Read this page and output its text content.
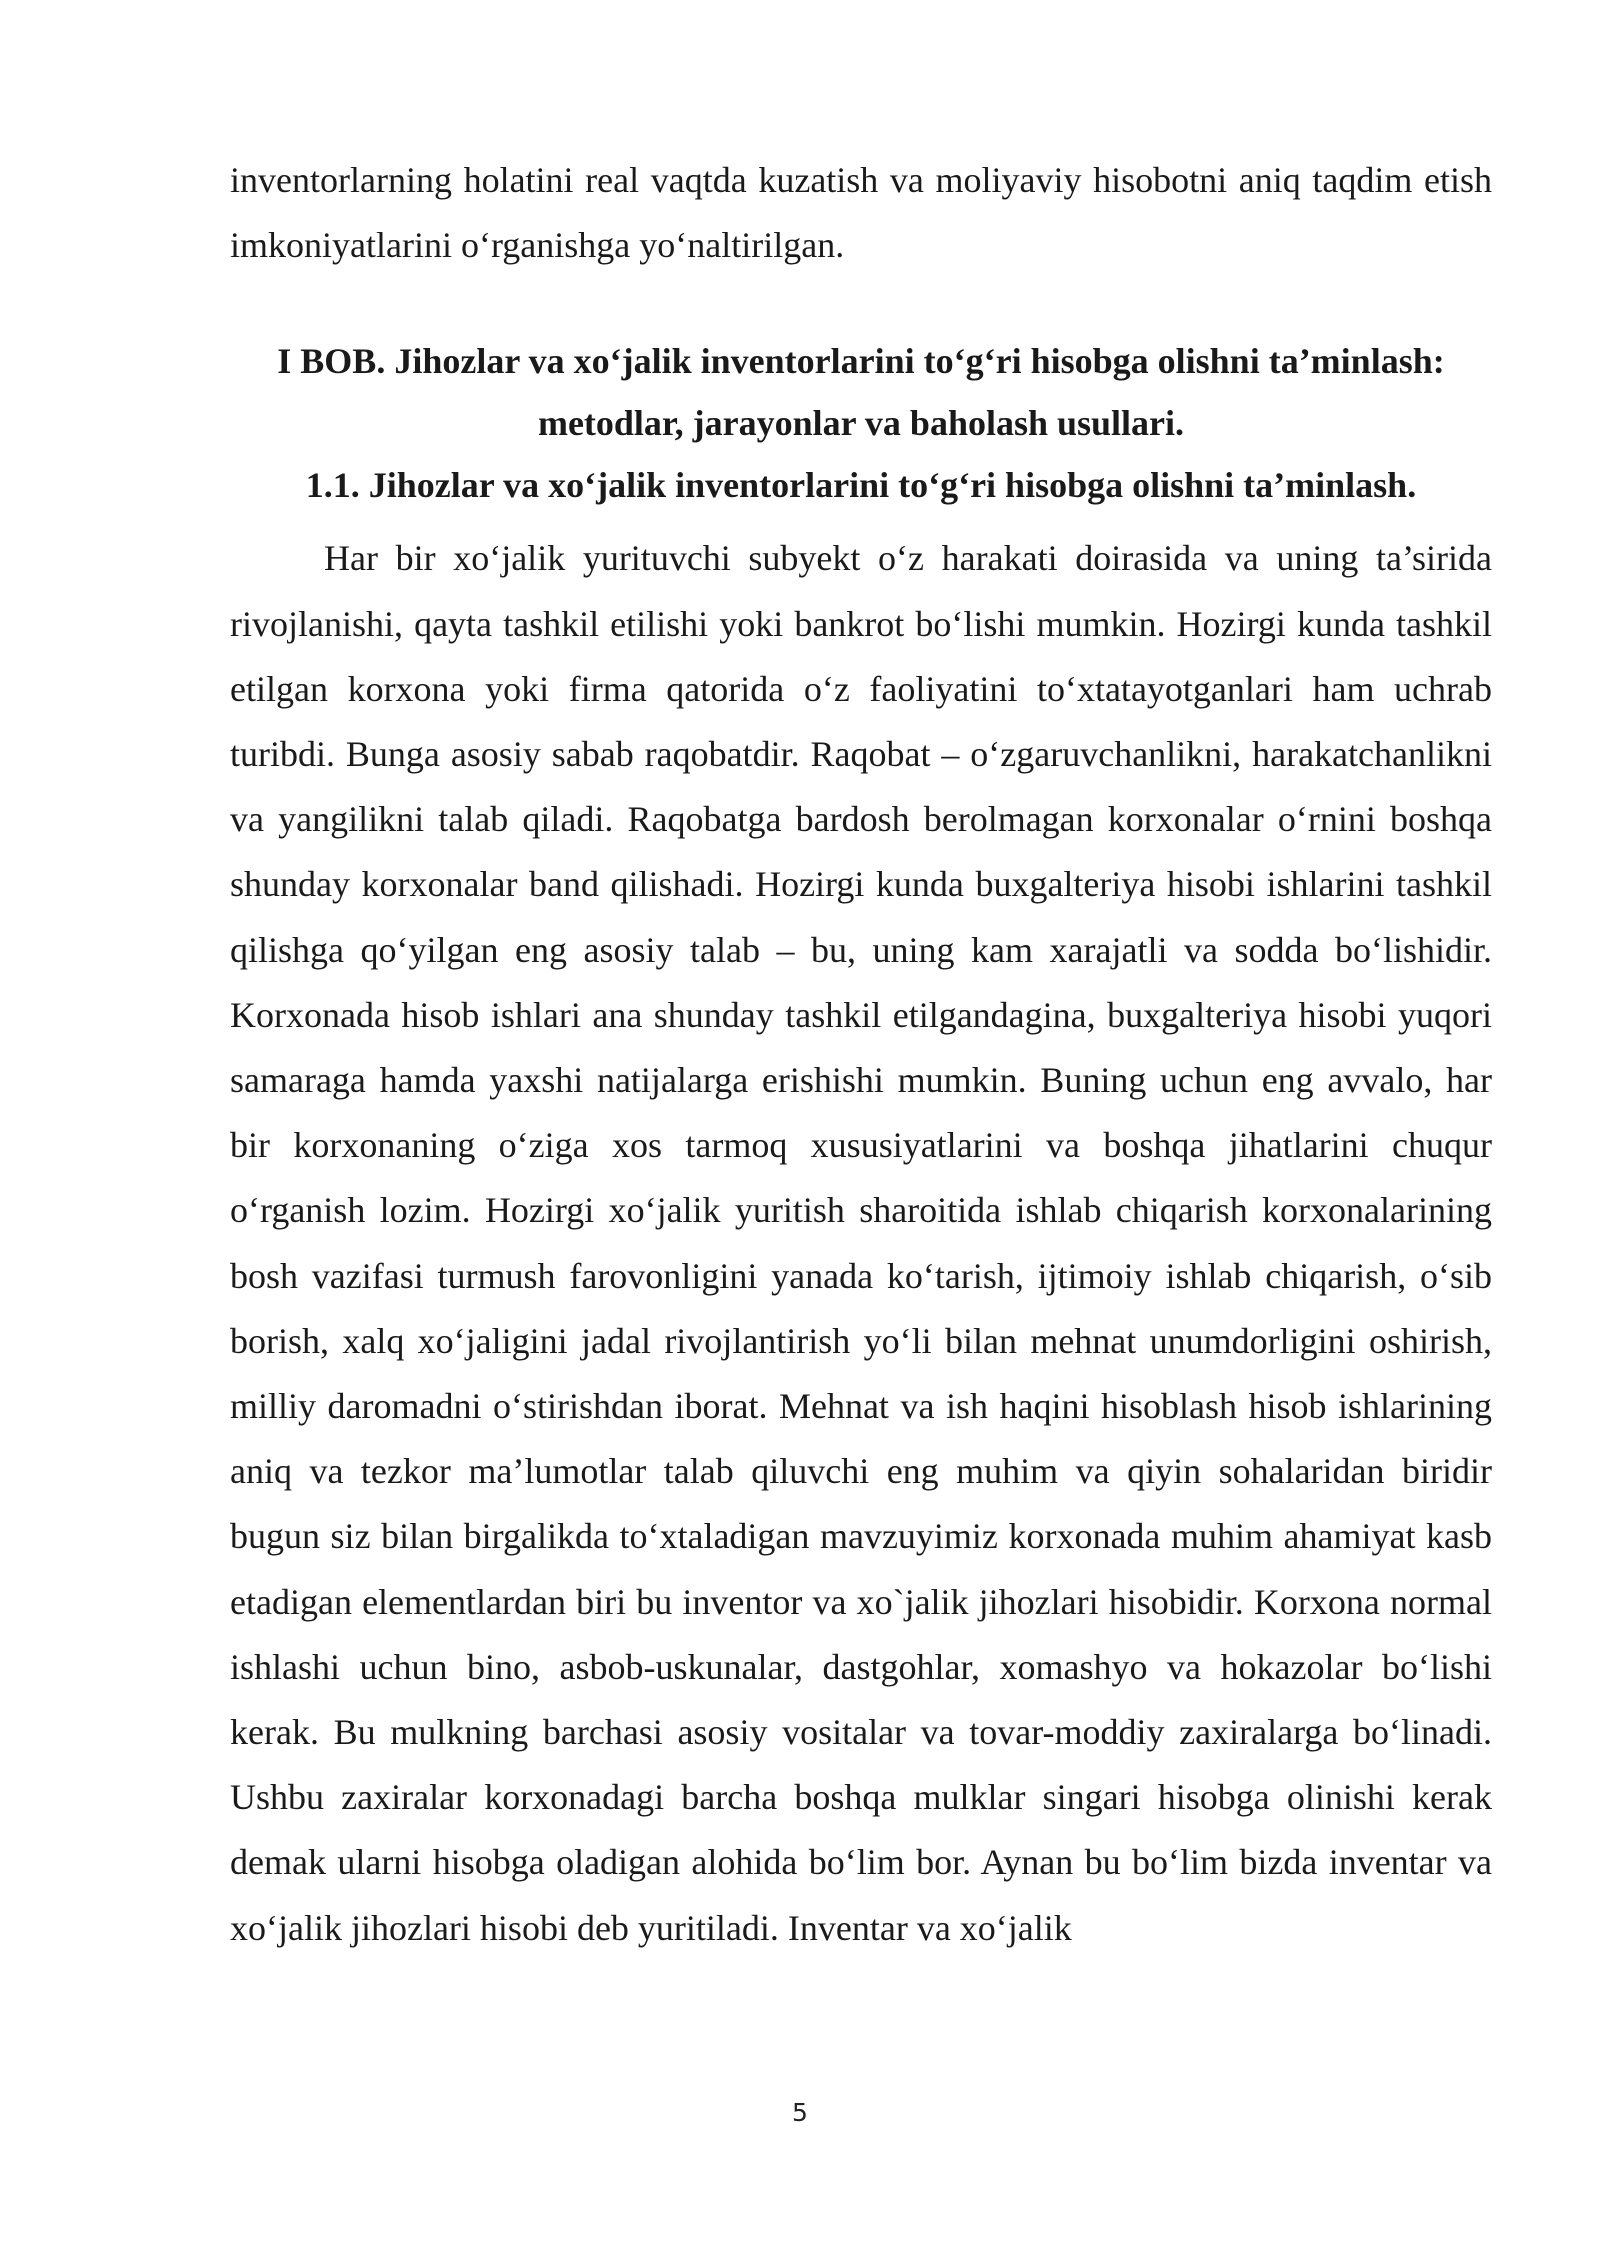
inventorlarning holatini real vaqtda kuzatish va moliyaviy hisobotni aniq taqdim etish imkoniyatlarini o‘rganishga yo‘naltirilgan.

I BOB. Jihozlar va xo‘jalik inventorlarini to‘g‘ri hisobga olishni ta’minlash:

metodlar, jarayonlar va baholash usullari.

1.1. Jihozlar va xo‘jalik inventorlarini to‘g‘ri hisobga olishni ta’minlash.

Har bir xo‘jalik yurituvchi subyekt o‘z harakati doirasida va uning ta’sirida rivojlanishi, qayta tashkil etilishi yoki bankrot bo‘lishi mumkin. Hozirgi kunda tashkil etilgan korxona yoki firma qatorida o‘z faoliyatini to‘xtatayotganlari ham uchrab turibdi. Bunga asosiy sabab raqobatdir. Raqobat – o‘zgaruvchanlikni, harakatchanlikni va yangilikni talab qiladi. Raqobatga bardosh berolmagan korxonalar o‘rnini boshqa shunday korxonalar band qilishadi. Hozirgi kunda buxgalteriya hisobi ishlarini tashkil qilishga qo‘yilgan eng asosiy talab – bu, uning kam xarajatli va sodda bo‘lishidir. Korxonada hisob ishlari ana shunday tashkil etilgandagina, buxgalteriya hisobi yuqori samaraga hamda yaxshi natijalarga erishishi mumkin. Buning uchun eng avvalo, har bir korxonaning o‘ziga xos tarmoq xususiyatlarini va boshqa jihatlarini chuqur o‘rganish lozim. Hozirgi xo‘jalik yuritish sharoitida ishlab chiqarish korxonalarining bosh vazifasi turmush farovonligini yanada ko‘tarish, ijtimoiy ishlab chiqarish, o‘sib borish, xalq xo‘jaligini jadal rivojlantirish yo‘li bilan mehnat unumdorligini oshirish, milliy daromadni o‘stirishdan iborat. Mehnat va ish haqini hisoblash hisob ishlarining aniq va tezkor ma’lumotlar talab qiluvchi eng muhim va qiyin sohalaridan biridir bugun siz bilan birgalikda to‘xtaladigan mavzuyimiz korxonada muhim ahamiyat kasb etadigan elementlardan biri bu inventor va xo`jalik jihozlari hisobidir. Korxona normal ishlashi uchun bino, asbob-uskunalar, dastgohlar, xomashyo va hokazolar bo‘lishi kerak. Bu mulkning barchasi asosiy vositalar va tovar-moddiy zaxiralarga bo‘linadi. Ushbu zaxiralar korxonadagi barcha boshqa mulklar singari hisobga olinishi kerak demak ularni hisobga oladigan alohida bo‘lim bor. Aynan bu bo‘lim bizda inventar va xo‘jalik jihozlari hisobi deb yuritiladi. Inventar va xo‘jalik

5
